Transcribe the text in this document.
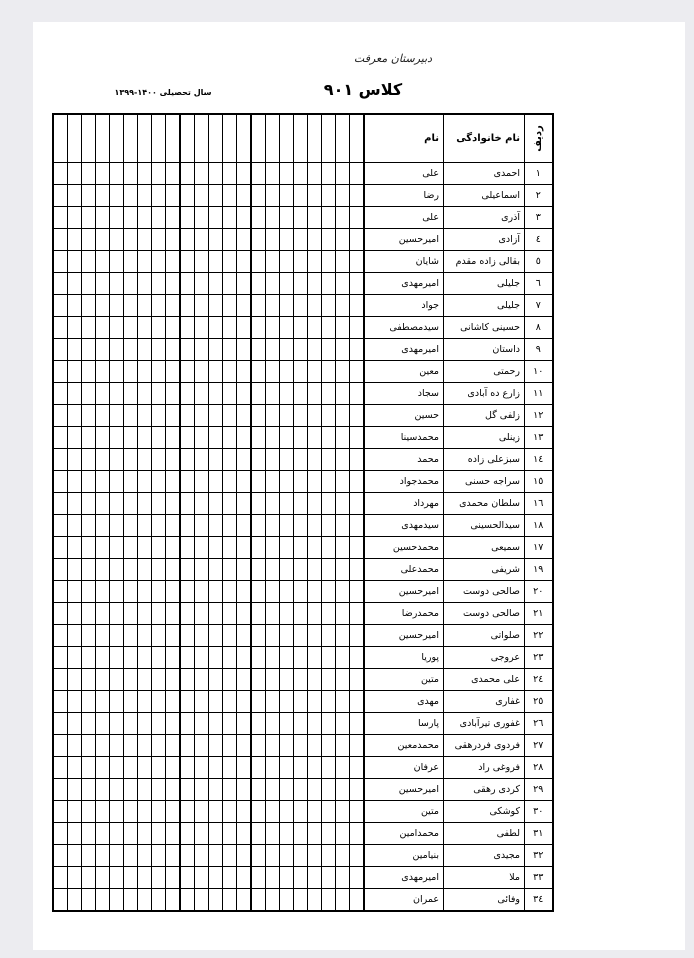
دبیرستان معرفت
کلاس ۹۰۱
سال تحصیلی ۱۴۰۰-۱۳۹۹
ردیف	نام خانوادگی	نام																						
۱	احمدی	علی																						
۲	اسماعیلی	رضا																						
۳	آذری	علی																						
٤	آزادی	امیرحسین																						
٥	بقالی زاده مقدم	شایان																						
٦	جلیلی	امیرمهدی																						
۷	جلیلی	جواد																						
۸	حسینی کاشانی	سیدمصطفی																						
۹	داستان	امیرمهدی																						
۱۰	رحمتی	معین																						
۱۱	زارع ده آبادی	سجاد																						
۱۲	زلفی گل	حسین																						
۱۳	زینلی	محمدسینا																						
۱٤	سبزعلی زاده	محمد																						
۱٥	سراجه حسنی	محمدجواد																						
۱٦	سلطان محمدی	مهرداد																						
۱۸	سیدالحسینی	سیدمهدی																						
۱۷	سمیعی	محمدحسین																						
۱۹	شریفی	محمدعلی																						
۲۰	صالحی دوست	امیرحسین																						
۲۱	صالحی دوست	محمدرضا																						
۲۲	صلواتی	امیرحسین																						
۲۳	عروجی	پوریا																						
۲٤	علی محمدی	متین																						
۲٥	غفاری	مهدی																						
۲٦	غفوری تیرآبادی	پارسا																						
۲۷	فردوی فردرهقی	محمدمعین																						
۲۸	فروغی راد	عرفان																						
۲۹	کردی رهقی	امیرحسین																						
۳۰	کوشکی	متین																						
۳۱	لطفی	محمدامین																						
۳۲	مجیدی	بنیامین																						
۳۳	ملا	امیرمهدی																						
۳٤	وفائی	عمران																						
